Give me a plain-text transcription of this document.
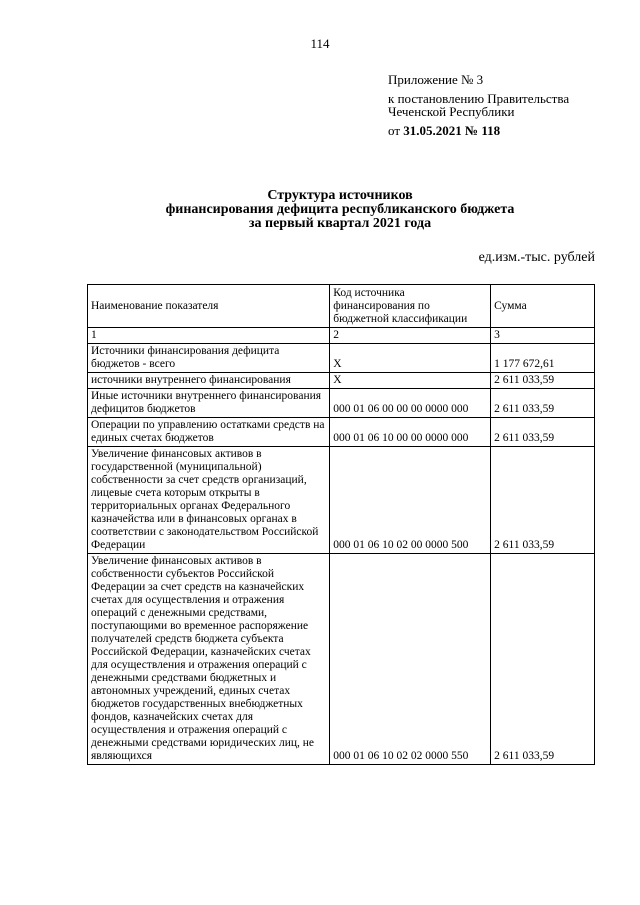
114
Приложение № 3
к постановлению Правительства
Чеченской Республики
от 31.05.2021 № 118
Структура источников
финансирования дефицита республиканского бюджета
за первый квартал 2021 года
ед.изм.-тыс. рублей
Наименование показателя	Код источника финансирования по бюджетной классификации	Сумма
1	2	3
Источники финансирования дефицита бюджетов - всего	Х	1 177 672,61
источники внутреннего финансирования	Х	2 611 033,59
Иные источники внутреннего финансирования дефицитов бюджетов	000 01 06 00 00 00 0000 000	2 611 033,59
Операции по управлению остатками средств на единых счетах бюджетов	000 01 06 10 00 00 0000 000	2 611 033,59
Увеличение финансовых активов в государственной (муниципальной) собственности за счет средств организаций, лицевые счета которым открыты в территориальных органах Федерального казначейства или в финансовых органах в соответствии с законодательством Российской Федерации	000 01 06 10 02 00 0000 500	2 611 033,59
Увеличение финансовых активов в собственности субъектов Российской Федерации за счет средств на казначейских счетах для осуществления и отражения операций с денежными средствами, поступающими во временное распоряжение получателей средств бюджета субъекта Российской Федерации, казначейских счетах для осуществления и отражения операций с денежными средствами бюджетных и автономных учреждений, единых счетах бюджетов государственных внебюджетных фондов, казначейских счетах для осуществления и отражения операций с денежными средствами юридических лиц, не являющихся	000 01 06 10 02 02 0000 550	2 611 033,59
